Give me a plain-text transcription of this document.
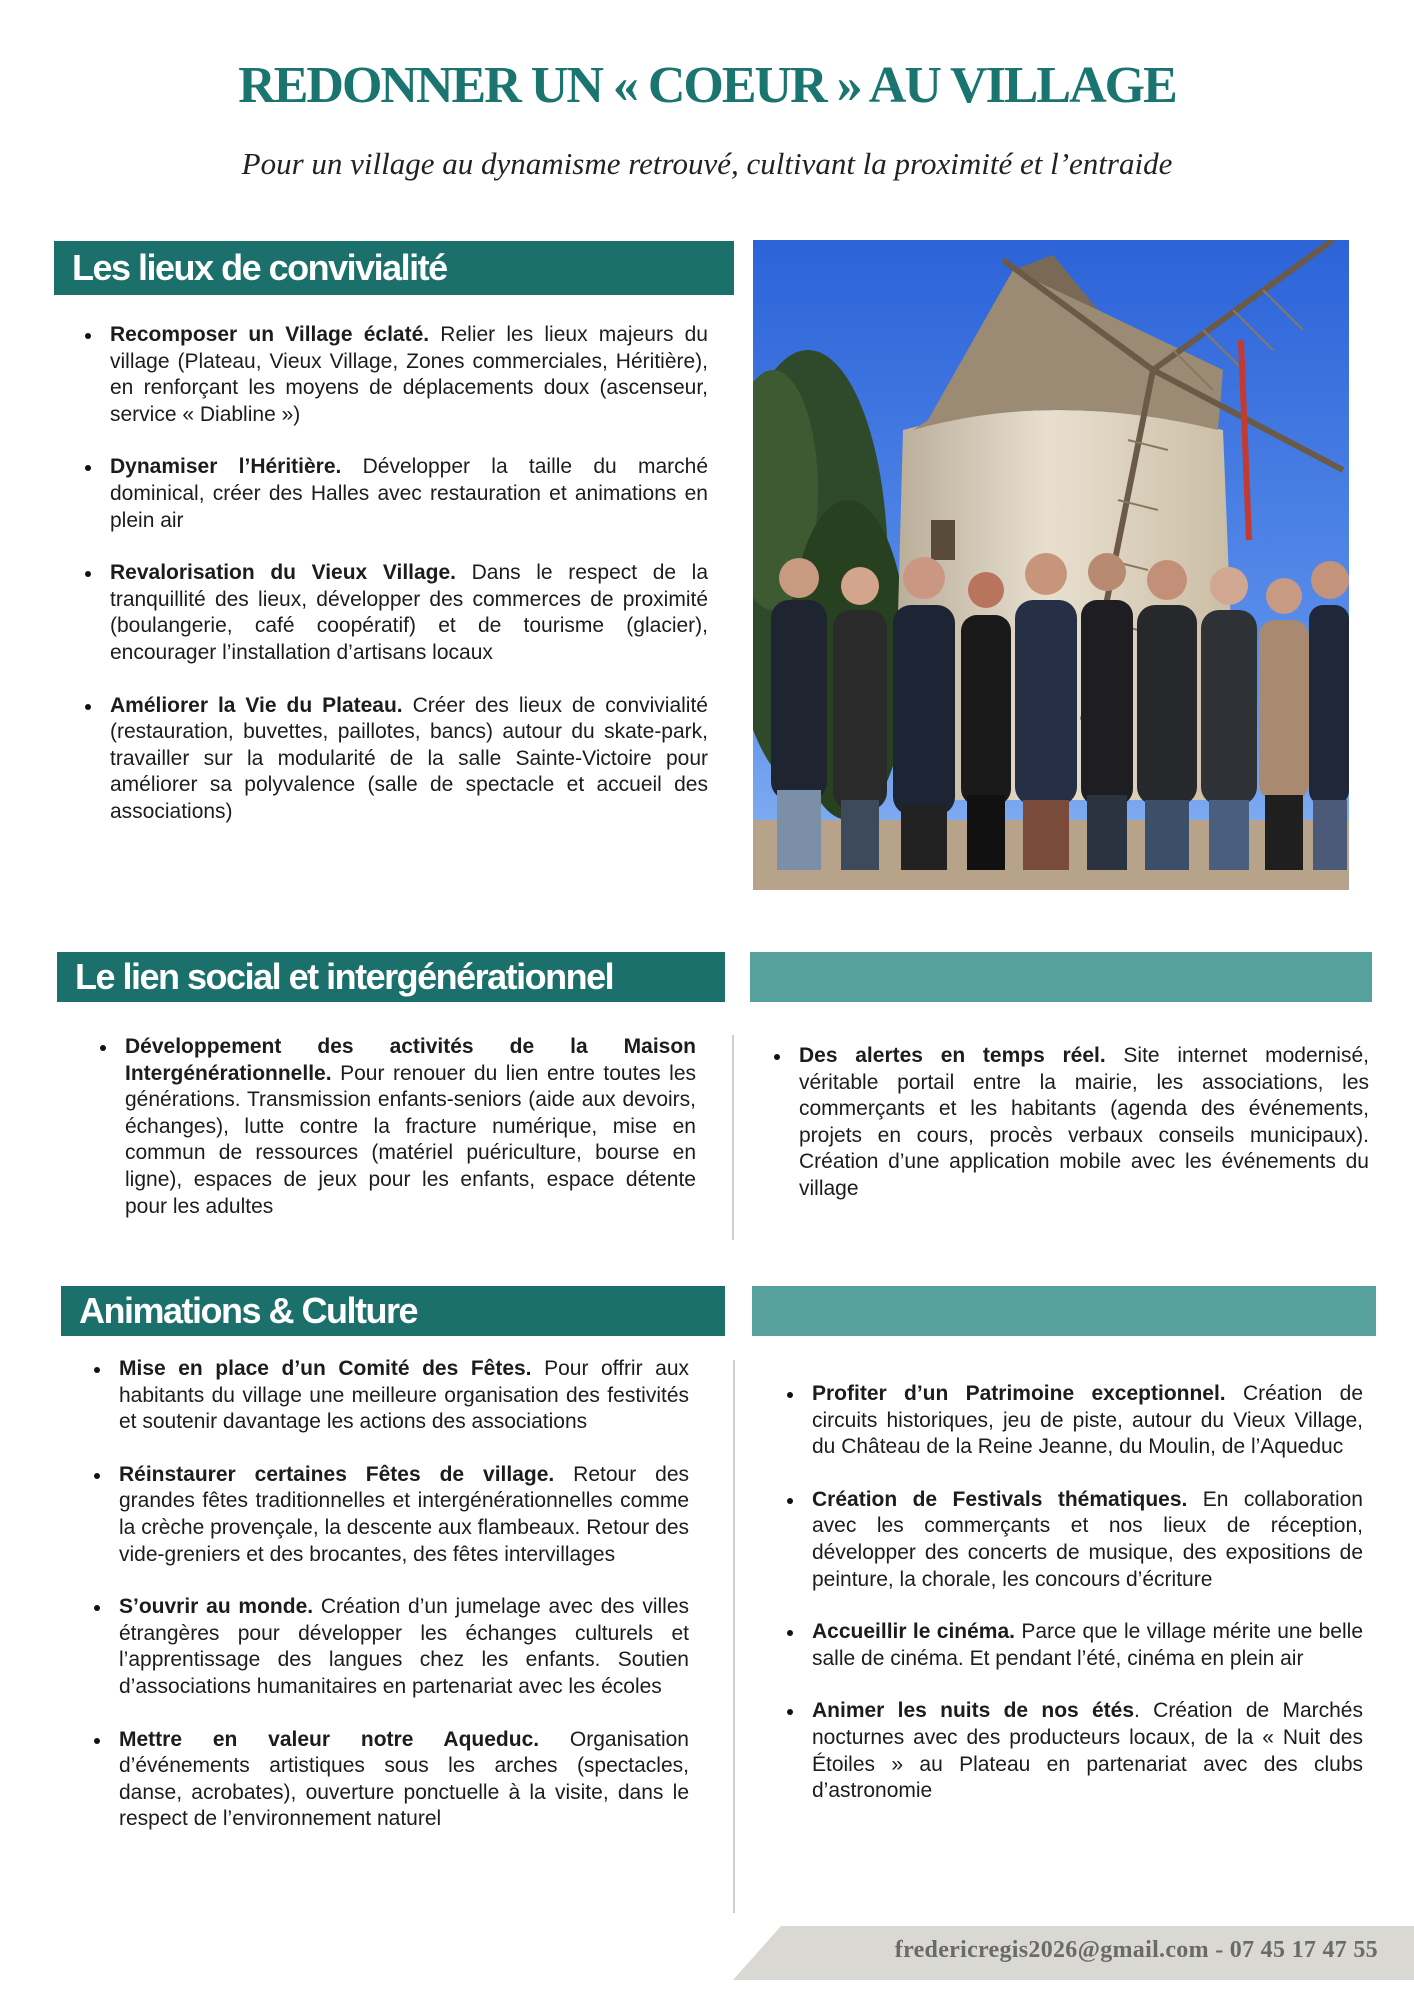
REDONNER UN « COEUR » AU VILLAGE
Pour un village au dynamisme retrouvé, cultivant la proximité et l’entraide
Les lieux de convivialité
Recomposer un Village éclaté. Relier les lieux majeurs du village (Plateau, Vieux Village, Zones commerciales, Héritière), en renforçant les moyens de déplacements doux (ascenseur, service « Diabline »)
Dynamiser l’Héritière. Développer la taille du marché dominical, créer des Halles avec restauration et animations en plein air
Revalorisation du Vieux Village. Dans le respect de la tranquillité des lieux, développer des commerces de proximité (boulangerie, café coopératif) et de tourisme (glacier), encourager l’installation d’artisans locaux
Améliorer la Vie du Plateau. Créer des lieux de convivialité (restauration, buvettes, paillotes, bancs) autour du skate-park, travailler sur la modularité de la salle Sainte-Victoire pour améliorer sa polyvalence (salle de spectacle et accueil des associations)
Le lien social et intergénérationnel
Développement des activités de la Maison Intergénérationnelle. Pour renouer du lien entre toutes les générations. Transmission enfants-seniors (aide aux devoirs, échanges), lutte contre la fracture numérique, mise en commun de ressources (matériel puériculture, bourse en ligne), espaces de jeux pour les enfants, espace détente pour les adultes
Des alertes en temps réel. Site internet modernisé, véritable portail entre la mairie, les associations, les commerçants et les habitants (agenda des événements, projets en cours, procès verbaux conseils municipaux). Création d’une application mobile avec les événements du village
Animations & Culture
Mise en place d’un Comité des Fêtes. Pour offrir aux habitants du village une meilleure organisation des festivités et soutenir davantage les actions des associations
Réinstaurer certaines Fêtes de village. Retour des grandes fêtes traditionnelles et intergénérationnelles comme la crèche provençale, la descente aux flambeaux. Retour des vide-greniers et des brocantes, des fêtes intervillages
S’ouvrir au monde. Création d’un jumelage avec des villes étrangères pour développer les échanges culturels et l’apprentissage des langues chez les enfants. Soutien d’associations humanitaires en partenariat avec les écoles
Mettre en valeur notre Aqueduc. Organisation d’événements artistiques sous les arches (spectacles, danse, acrobates), ouverture ponctuelle à la visite, dans le respect de l’environnement naturel
Profiter d’un Patrimoine exceptionnel. Création de circuits historiques, jeu de piste, autour du Vieux Village, du Château de la Reine Jeanne, du Moulin, de l’Aqueduc
Création de Festivals thématiques. En collaboration avec les commerçants et nos lieux de réception, développer des concerts de musique, des expositions de peinture, la chorale, les concours d’écriture
Accueillir le cinéma. Parce que le village mérite une belle salle de cinéma. Et pendant l’été, cinéma en plein air
Animer les nuits de nos étés. Création de Marchés nocturnes avec des producteurs locaux, de la « Nuit des Étoiles » au Plateau en partenariat avec des clubs d’astronomie
fredericregis2026@gmail.com - 07 45 17 47 55
